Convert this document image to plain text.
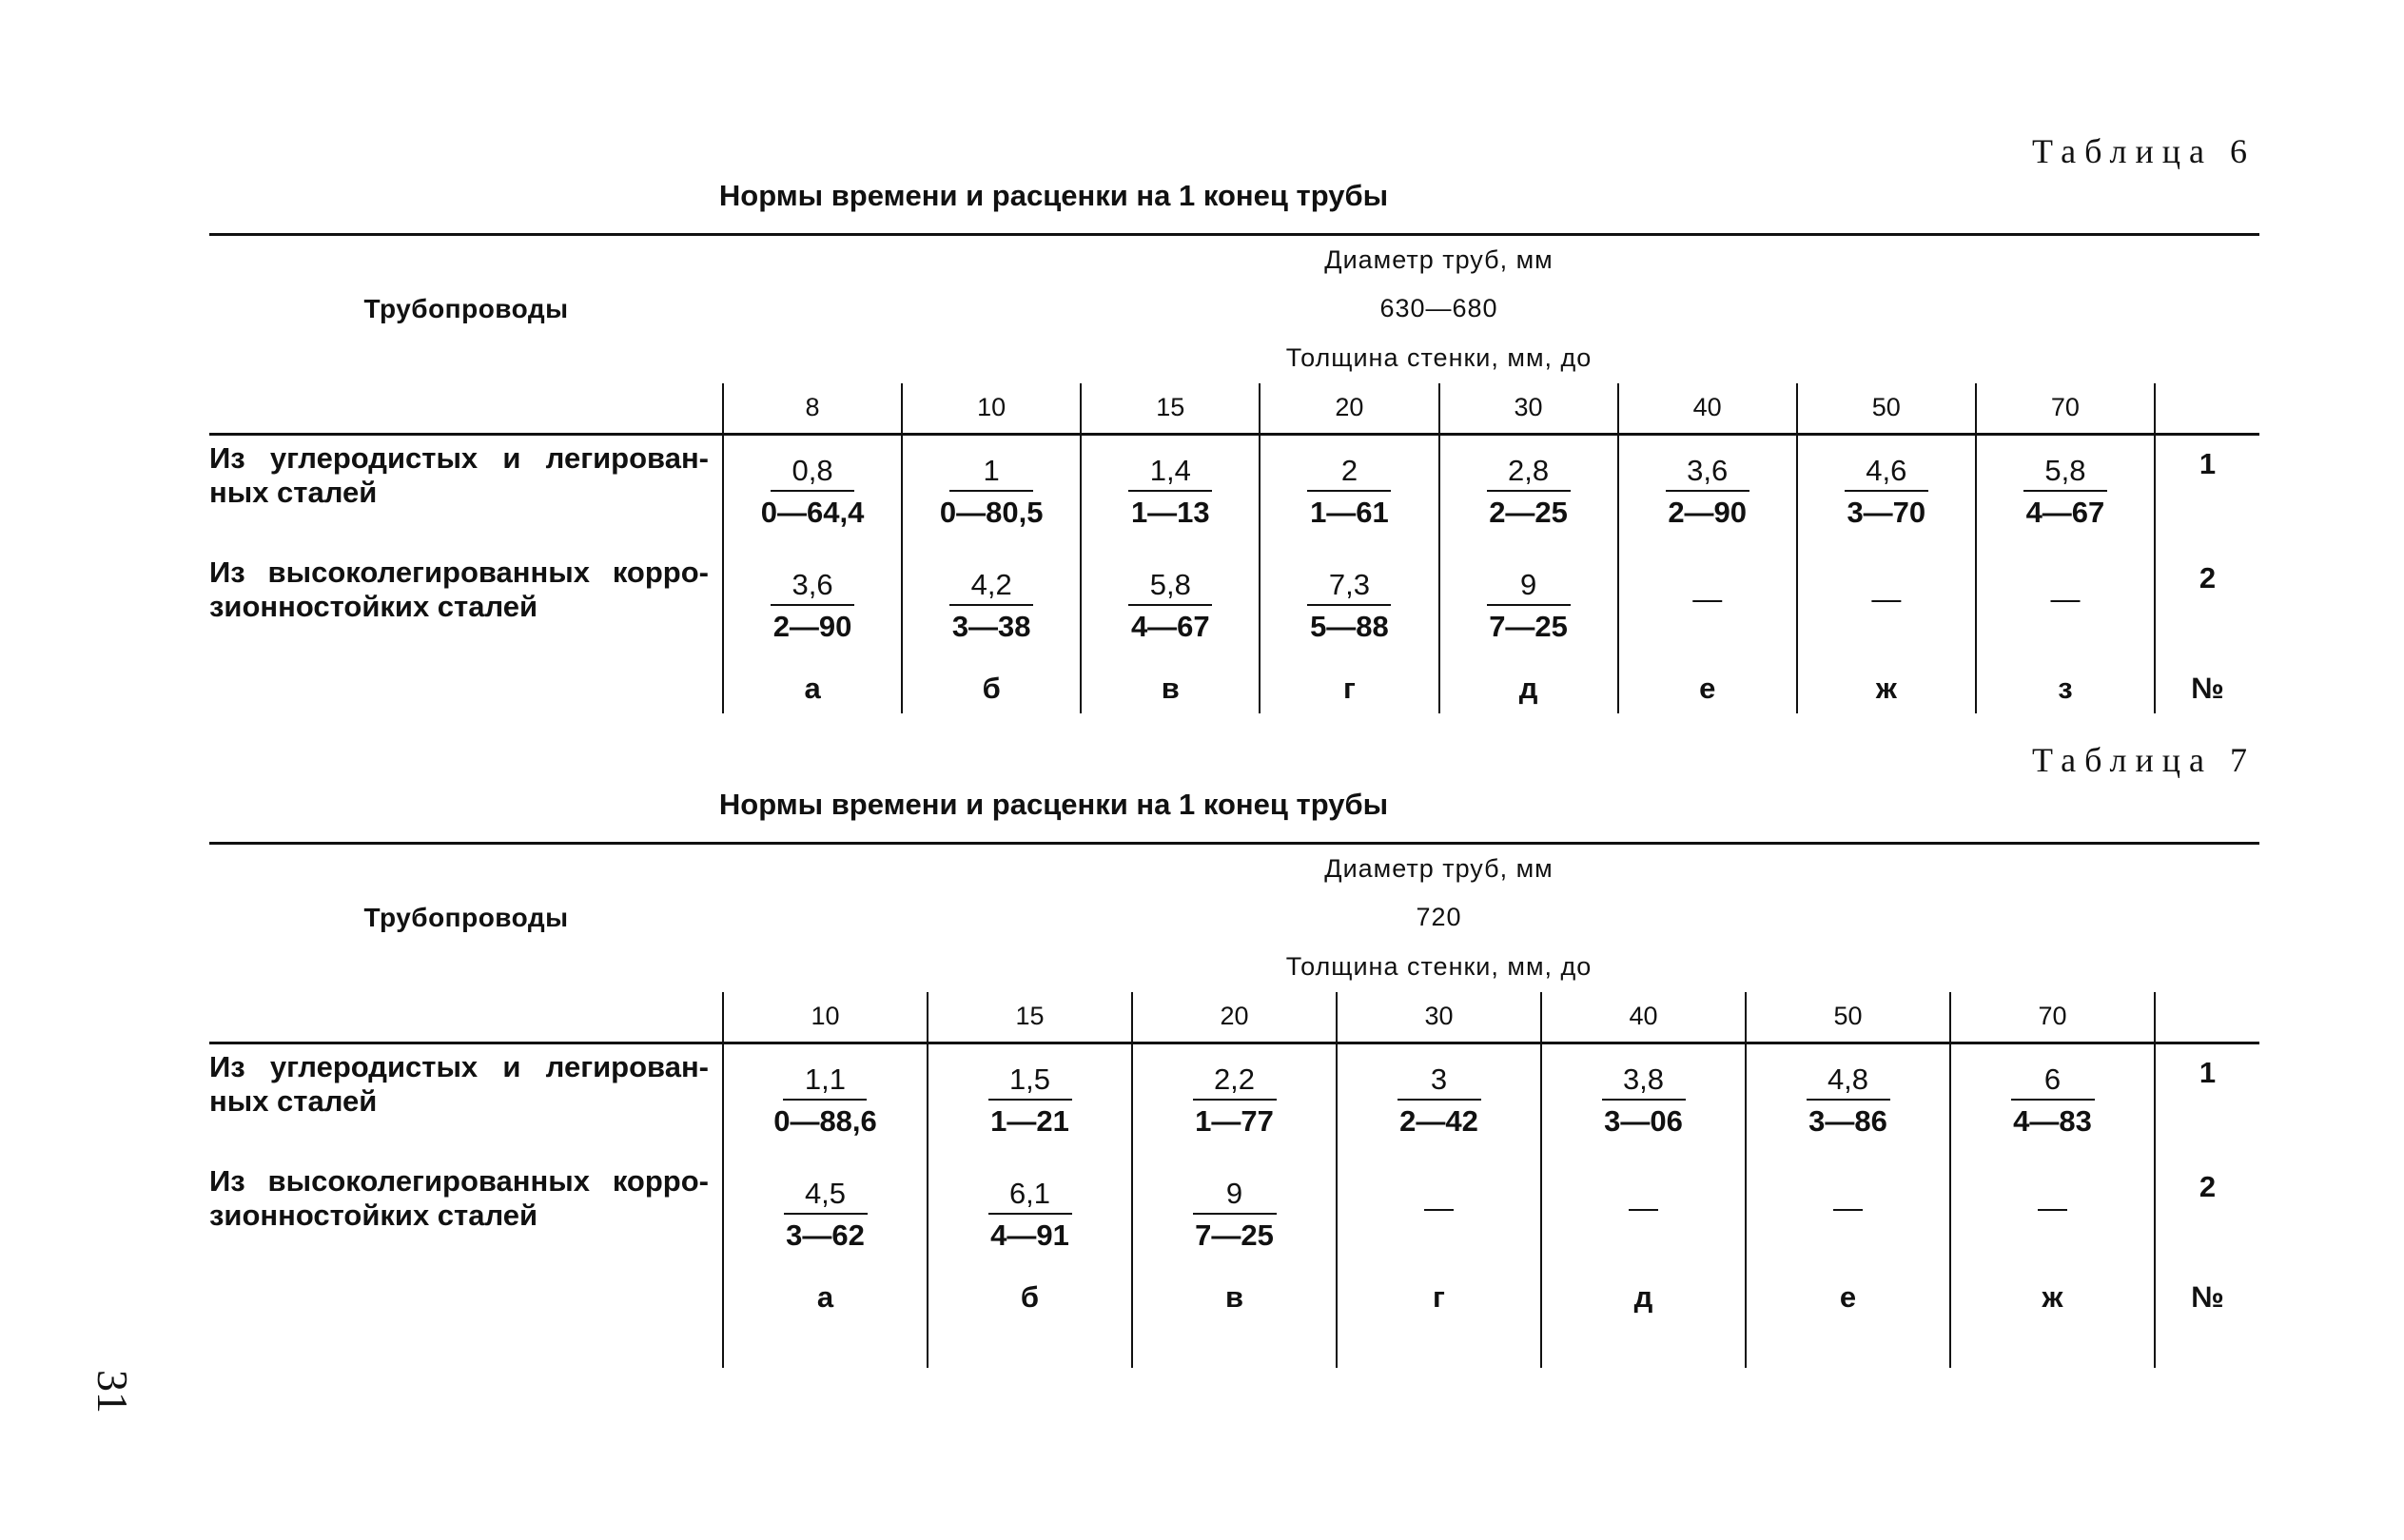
Таблица 6
Нормы времени и расценки на 1 конец трубы
Трубопроводы	Диаметр труб, мм								
	630—680								
	Толщина стенки, мм, до								
	8	10	15	20	30	40	50	70	

Из углеродистых и легирован-
ных сталей	$\frac{0,8}{0—64,4}$	$\frac{1}{0—80,5}$	$\frac{1,4}{1—13}$	$\frac{2}{1—61}$	$\frac{2,8}{2—25}$	$\frac{3,6}{2—90}$	$\frac{4,6}{3—70}$	$\frac{5,8}{4—67}$	1

Из высоколегированных корро-
зионностойких сталей	$\frac{3,6}{2—90}$	$\frac{4,2}{3—38}$	$\frac{5,8}{4—67}$	$\frac{7,3}{5—88}$	$\frac{9}{7—25}$	—	—	—	2
	а	б	в	г	д	е	ж	з	№
Таблица 7
Нормы времени и расценки на 1 конец трубы
Трубопроводы	Диаметр труб, мм							
	720							
	Толщина стенки, мм, до							
	10	15	20	30	40	50	70	

Из углеродистых и легирован-
ных сталей	$\frac{1,1}{0—88,6}$	$\frac{1,5}{1—21}$	$\frac{2,2}{1—77}$	$\frac{3}{2—42}$	$\frac{3,8}{3—06}$	$\frac{4,8}{3—86}$	$\frac{6}{4—83}$	1

Из высоколегированных корро-
зионностойких сталей	$\frac{4,5}{3—62}$	$\frac{6,1}{4—91}$	$\frac{9}{7—25}$	—	—	—	—	2
	а	б	в	г	д	е	ж	№

31
